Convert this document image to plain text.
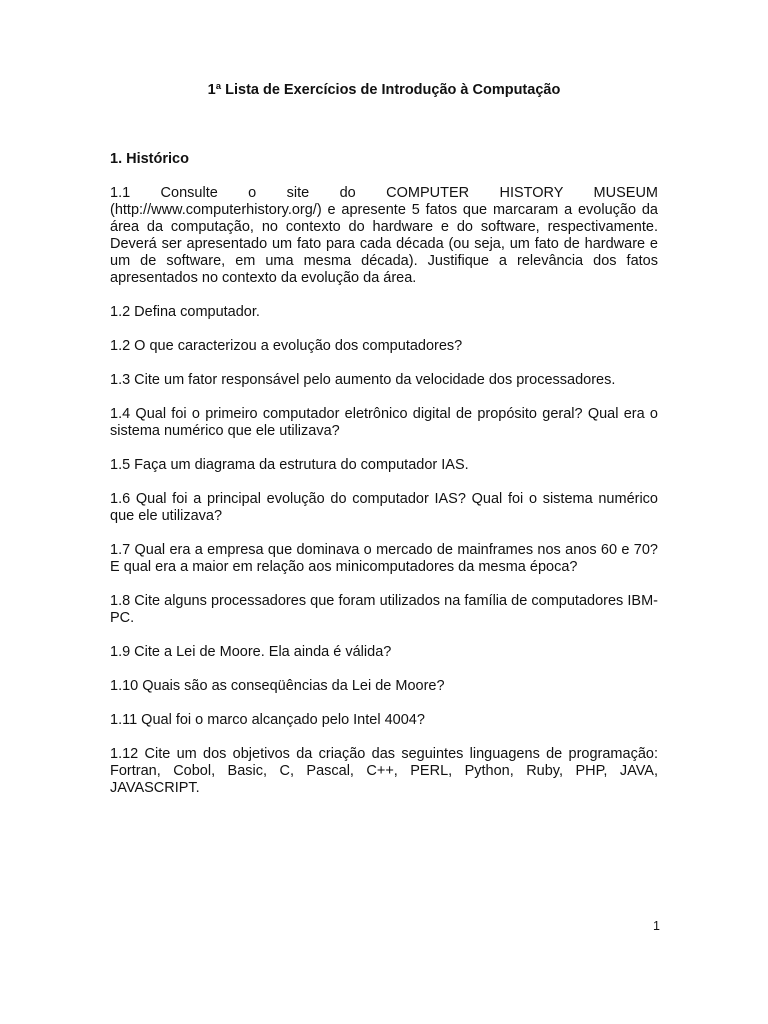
1ª Lista de Exercícios de Introdução à Computação
1. Histórico
1.1 Consulte o site do COMPUTER HISTORY MUSEUM (http://www.computerhistory.org/) e apresente 5 fatos que marcaram a evolução da área da computação, no contexto do hardware e do software, respectivamente. Deverá ser apresentado um fato para cada década (ou seja, um fato de hardware e um de software, em uma mesma década). Justifique a relevância dos fatos apresentados no contexto da evolução da área.
1.2 Defina computador.
1.2 O que caracterizou a evolução dos computadores?
1.3 Cite um fator responsável pelo aumento da velocidade dos processadores.
1.4 Qual foi o primeiro computador eletrônico digital de propósito geral? Qual era o sistema numérico que ele utilizava?
1.5 Faça um diagrama da estrutura do computador IAS.
1.6 Qual foi a principal evolução do computador IAS? Qual foi o sistema numérico que ele utilizava?
1.7 Qual era a empresa que dominava o mercado de mainframes nos anos 60 e 70? E qual era a maior em relação aos minicomputadores da mesma época?
1.8 Cite alguns processadores que foram utilizados na família de computadores IBM-PC.
1.9 Cite a Lei de Moore. Ela ainda é válida?
1.10 Quais são as conseqüências da Lei de Moore?
1.11 Qual foi o marco alcançado pelo Intel 4004?
1.12 Cite um dos objetivos da criação das seguintes linguagens de programação: Fortran, Cobol, Basic, C, Pascal, C++, PERL, Python, Ruby, PHP, JAVA, JAVASCRIPT.
1
